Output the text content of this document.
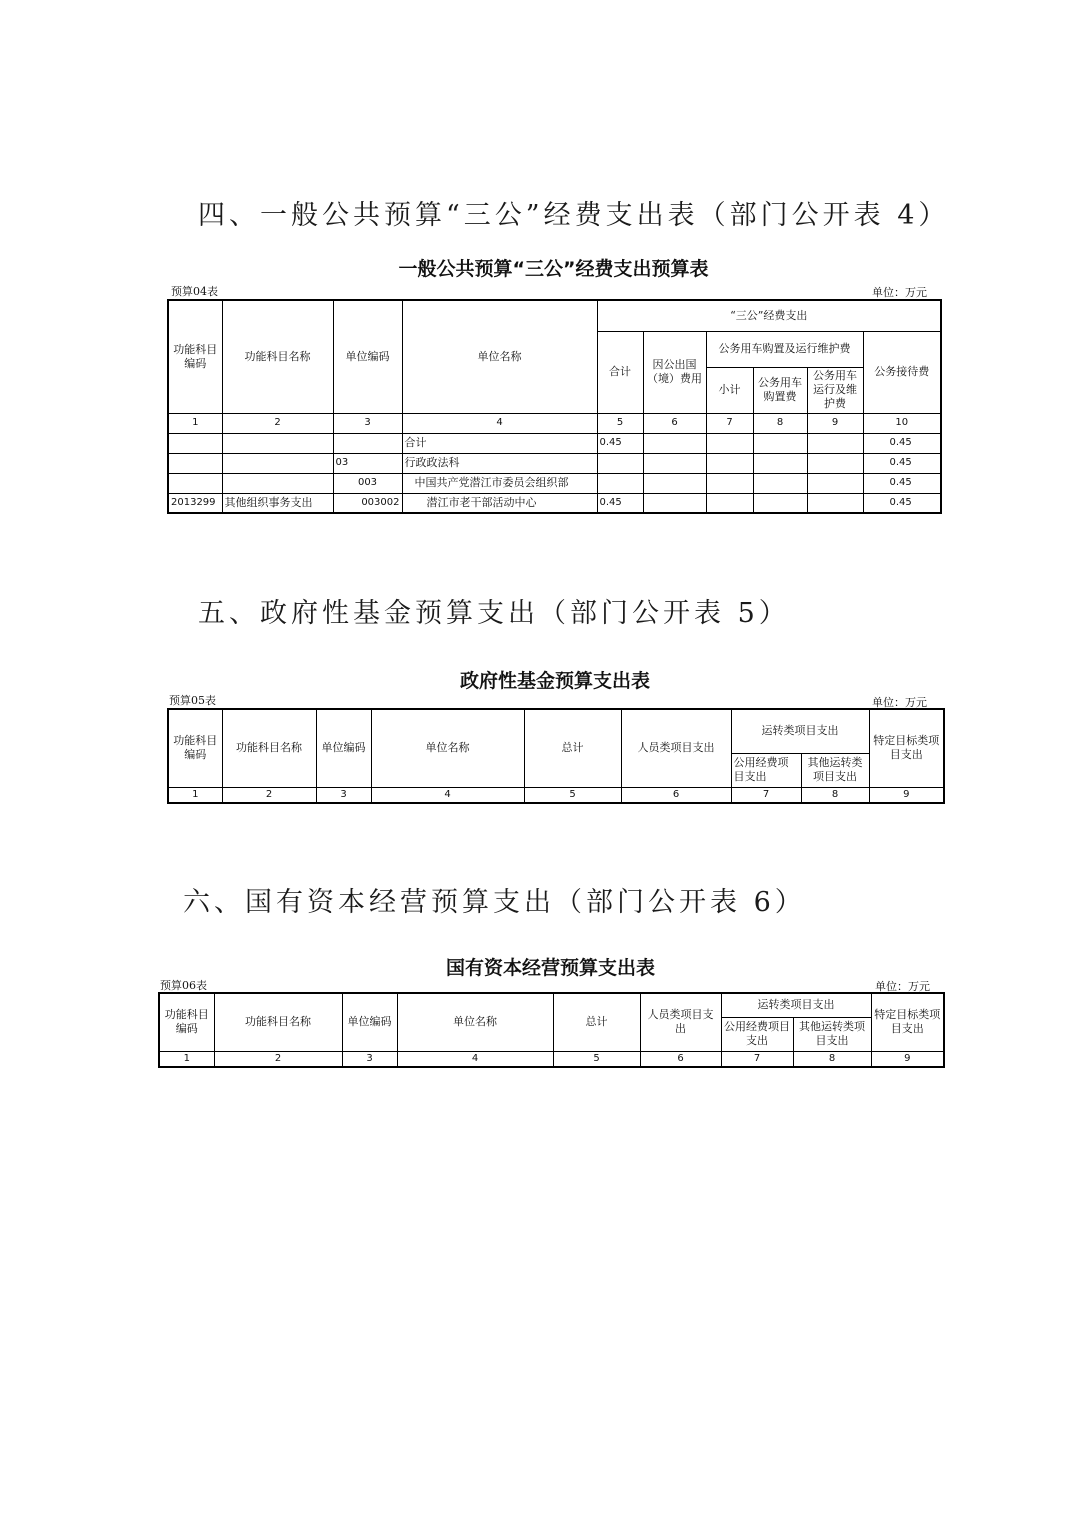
四、一般公共预算“三公”经费支出表（部门公开表 4）
一般公共预算“三公”经费支出预算表
预算04表	单位：万元
功能科目编码	功能科目名称	单位编码	单位名称	“三公”经费支出					
				合计	因公出国（境）费用	公务用车购置及运行维护费			公务接待费
						小计	公务用车购置费	公务用车运行及维护费	
1	2	3	4	5	6	7	8	9	10
			合计	0.45					0.45
		03	行政政法科						0.45
		003	中国共产党潜江市委员会组织部						0.45
2013299	其他组织事务支出	003002	潜江市老干部活动中心	0.45					0.45
五、政府性基金预算支出（部门公开表 5）
政府性基金预算支出表
预算05表	单位：万元
功能科目编码	功能科目名称	单位编码	单位名称	总计	人员类项目支出	运转类项目支出		特定目标类项目支出
						公用经费项目支出	其他运转类项目支出	
1	2	3	4	5	6	7	8	9
六、国有资本经营预算支出（部门公开表 6）
国有资本经营预算支出表
预算06表	单位：万元
功能科目编码	功能科目名称	单位编码	单位名称	总计	人员类项目支出	运转类项目支出		特定目标类项目支出
						公用经费项目支出	其他运转类项目支出	
1	2	3	4	5	6	7	8	9
